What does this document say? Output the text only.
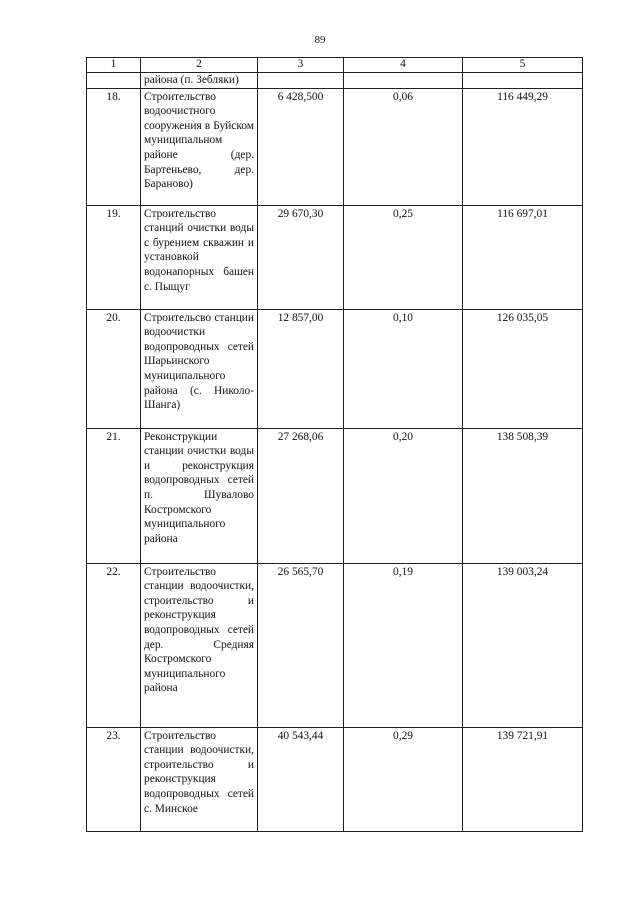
89
1	2	3	4	5
	района (п. Зебляки)			
18.	Строительство водоочистного сооружения в Буйском муниципальном районе (дер. Бартеньево, дер. Бараново)	6 428,500	0,06	116 449,29
19.	Строительство станций очистки воды с бурением скважин и установкой водонапорных башен с. Пыщуг	29 670,30	0,25	116 697,01
20.	Строительсво станции водоочистки водопроводных сетей Шарьинского муниципального района (с. Николо-Шанга)	12 857,00	0,10	126 035,05
21.	Реконструкции станции очистки воды и реконструкция водопроводных сетей п. Шувалово Костромского муниципального района	27 268,06	0,20	138 508,39
22.	Строительство станции водоочистки, строительство и реконструкция водопроводных сетей дер. Средняя Костромского муниципального района	26 565,70	0,19	139 003,24
23.	Строительство станции водоочистки, строительство и реконструкция водопроводных сетей с. Минское	40 543,44	0,29	139 721,91
